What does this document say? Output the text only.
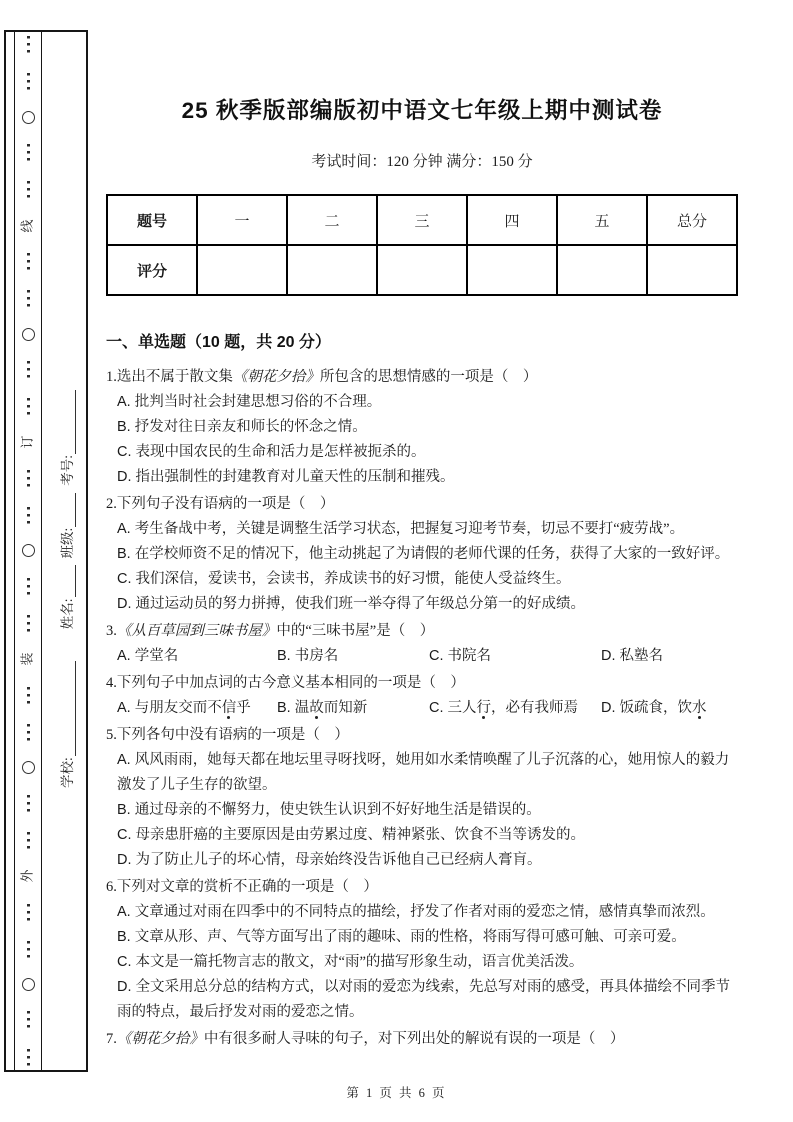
线
订
装
外
学校:
姓名:
班级:
考号:
25 秋季版部编版初中语文七年级上期中测试卷
考试时间：120 分钟 满分：150 分
题号	一	二	三	四	五	总分
评分						
一、单选题（10 题，共 20 分）
1.选出不属于散文集《朝花夕拾》所包含的思想情感的一项是（　）
A. 批判当时社会封建思想习俗的不合理。
B. 抒发对往日亲友和师长的怀念之情。
C. 表现中国农民的生命和活力是怎样被扼杀的。
D. 指出强制性的封建教育对儿童天性的压制和摧残。
2.下列句子没有语病的一项是（　）
A. 考生备战中考，关键是调整生活学习状态，把握复习迎考节奏，切忌不要打“疲劳战”。
B. 在学校师资不足的情况下，他主动挑起了为请假的老师代课的任务，获得了大家的一致好评。
C. 我们深信，爱读书，会读书，养成读书的好习惯，能使人受益终生。
D. 通过运动员的努力拼搏，使我们班一举夺得了年级总分第一的好成绩。
3.《从百草园到三味书屋》中的“三味书屋”是（　）
A. 学堂名	B. 书房名	C. 书院名	D. 私塾名
4.下列句子中加点词的古今意义基本相同的一项是（　）
A. 与朋友交而不信乎	B. 温故而知新	C. 三人行，必有我师焉	D. 饭疏食，饮水
5.下列各句中没有语病的一项是（　）
A. 风风雨雨，她每天都在地坛里寻呀找呀，她用如水柔情唤醒了儿子沉落的心，她用惊人的毅力激发了儿子生存的欲望。
B. 通过母亲的不懈努力，使史铁生认识到不好好地生活是错误的。
C. 母亲患肝癌的主要原因是由劳累过度、精神紧张、饮食不当等诱发的。
D. 为了防止儿子的坏心情，母亲始终没告诉他自己已经病人膏肓。
6.下列对文章的赏析不正确的一项是（　）
A. 文章通过对雨在四季中的不同特点的描绘，抒发了作者对雨的爱恋之情，感情真挚而浓烈。
B. 文章从形、声、气等方面写出了雨的趣味、雨的性格，将雨写得可感可触、可亲可爱。
C. 本文是一篇托物言志的散文，对“雨”的描写形象生动，语言优美活泼。
D. 全文采用总分总的结构方式，以对雨的爱恋为线索，先总写对雨的感受，再具体描绘不同季节雨的特点，最后抒发对雨的爱恋之情。
7.《朝花夕拾》中有很多耐人寻味的句子，对下列出处的解说有误的一项是（　）
第 1 页 共 6 页
